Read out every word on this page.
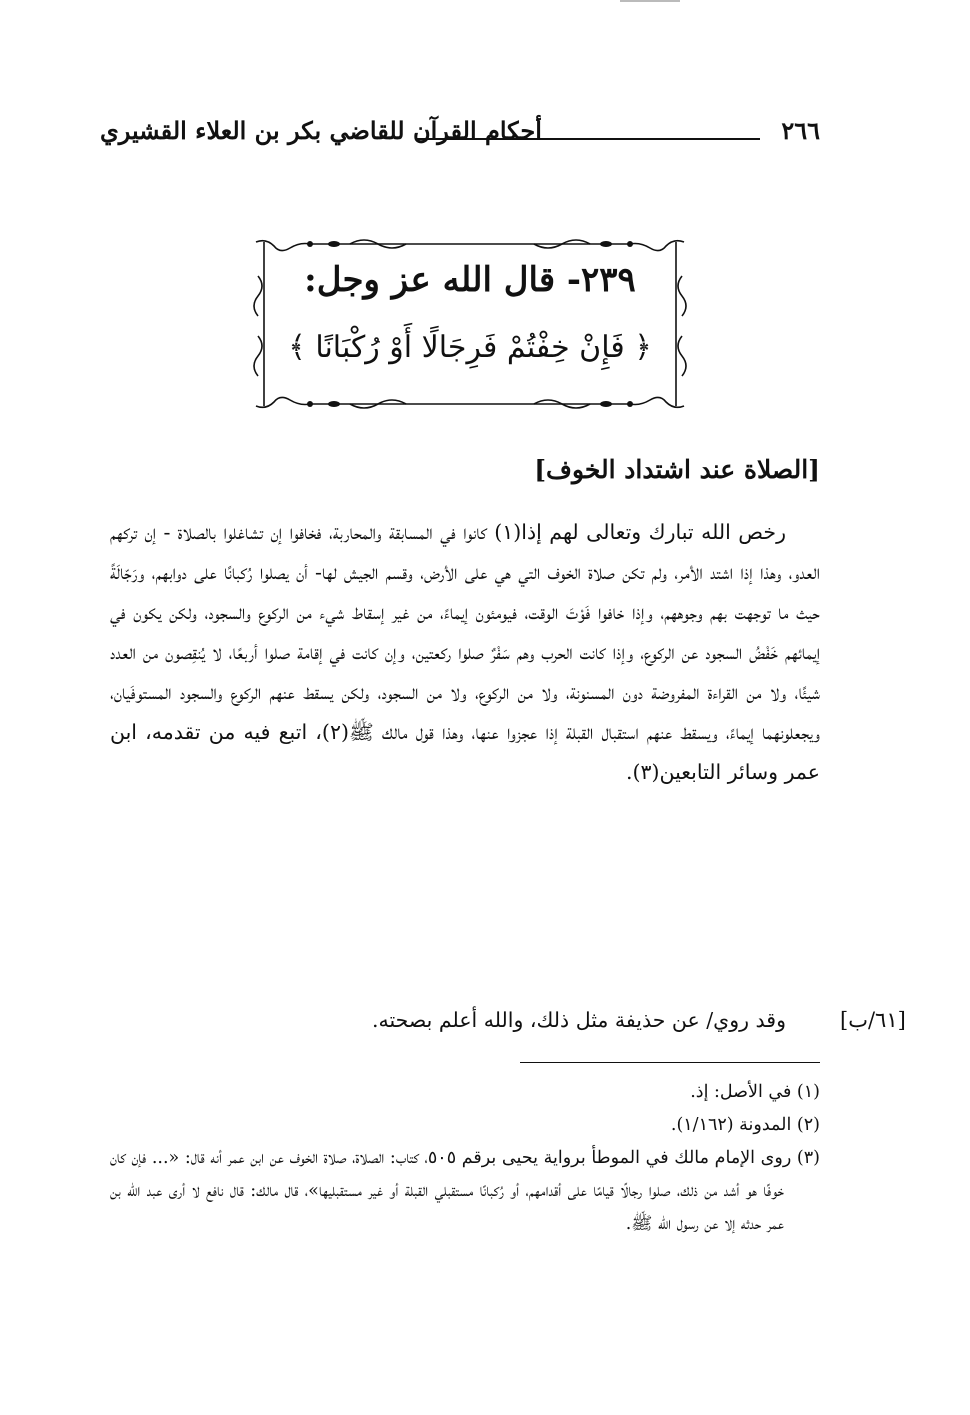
٢٦٦
أحكام القرآن للقاضي بكر بن العلاء القشيري
٢٣٩- قال الله عز وجل:
﴿ فَإِنْ خِفْتُمْ فَرِجَالًا أَوْ رُكْبَانًا ﴾
[الصلاة عند اشتداد الخوف]

رخص الله تبارك وتعالى لهم إذا(١) كانوا في المسابقة والمحاربة، فخافوا إن تشاغلوا بالصلاة - إن تركهم العدو، وهذا إذا اشتد الأمر، ولم تكن صلاة الخوف التي هي على الأرض، وقسم الجيش لها- أن يصلوا رُكبانًا على دوابهم، ورَجّالَةً حيث ما توجهت بهم وجوههم، وإذا خافوا فَوْتَ الوقت، فيومئون إيماءً، من غير إسقاط شيء من الركوع والسجود، ولكن يكون في إيمائهم خَفْضُ السجود عن الركوع، وإذا كانت الحرب وهم سَفْرٌ صلوا ركعتين، وإن كانت في إقامة صلوا أربعًا، لا يُنقِصون من العدد شيئًا، ولا من القراءة المفروضة دون المسنونة، ولا من الركوع، ولا من السجود، ولكن يسقط عنهم الركوع والسجود المستوفَيان، ويجعلونهما إيماءً، ويسقط عنهم استقبال القبلة إذا عجزوا عنها، وهذا قول مالك ﷺ(٢)، اتبع فيه من تقدمه، ابن عمر وسائر التابعين(٣).

وقد روي/ عن حذيفة مثل ذلك، والله أعلم بصحته.	[٦١/ب]

(١) في الأصل: إذ.

(٢) المدونة (١/١٦٢).

(٣) روى الإمام مالك في الموطأ برواية يحيى برقم ٥٠٥، كتاب: الصلاة، صلاة الخوف عن ابن عمر أنه قال: «... فإن كان خوفًا هو أشد من ذلك، صلوا رجالًا قيامًا على أقدامهم، أو رُكبانًا مستقبلي القبلة أو غير مستقبليها»، قال مالك: قال نافع لا أرى عبد الله بن عمر حدثه إلا عن رسول الله ﷺ.
